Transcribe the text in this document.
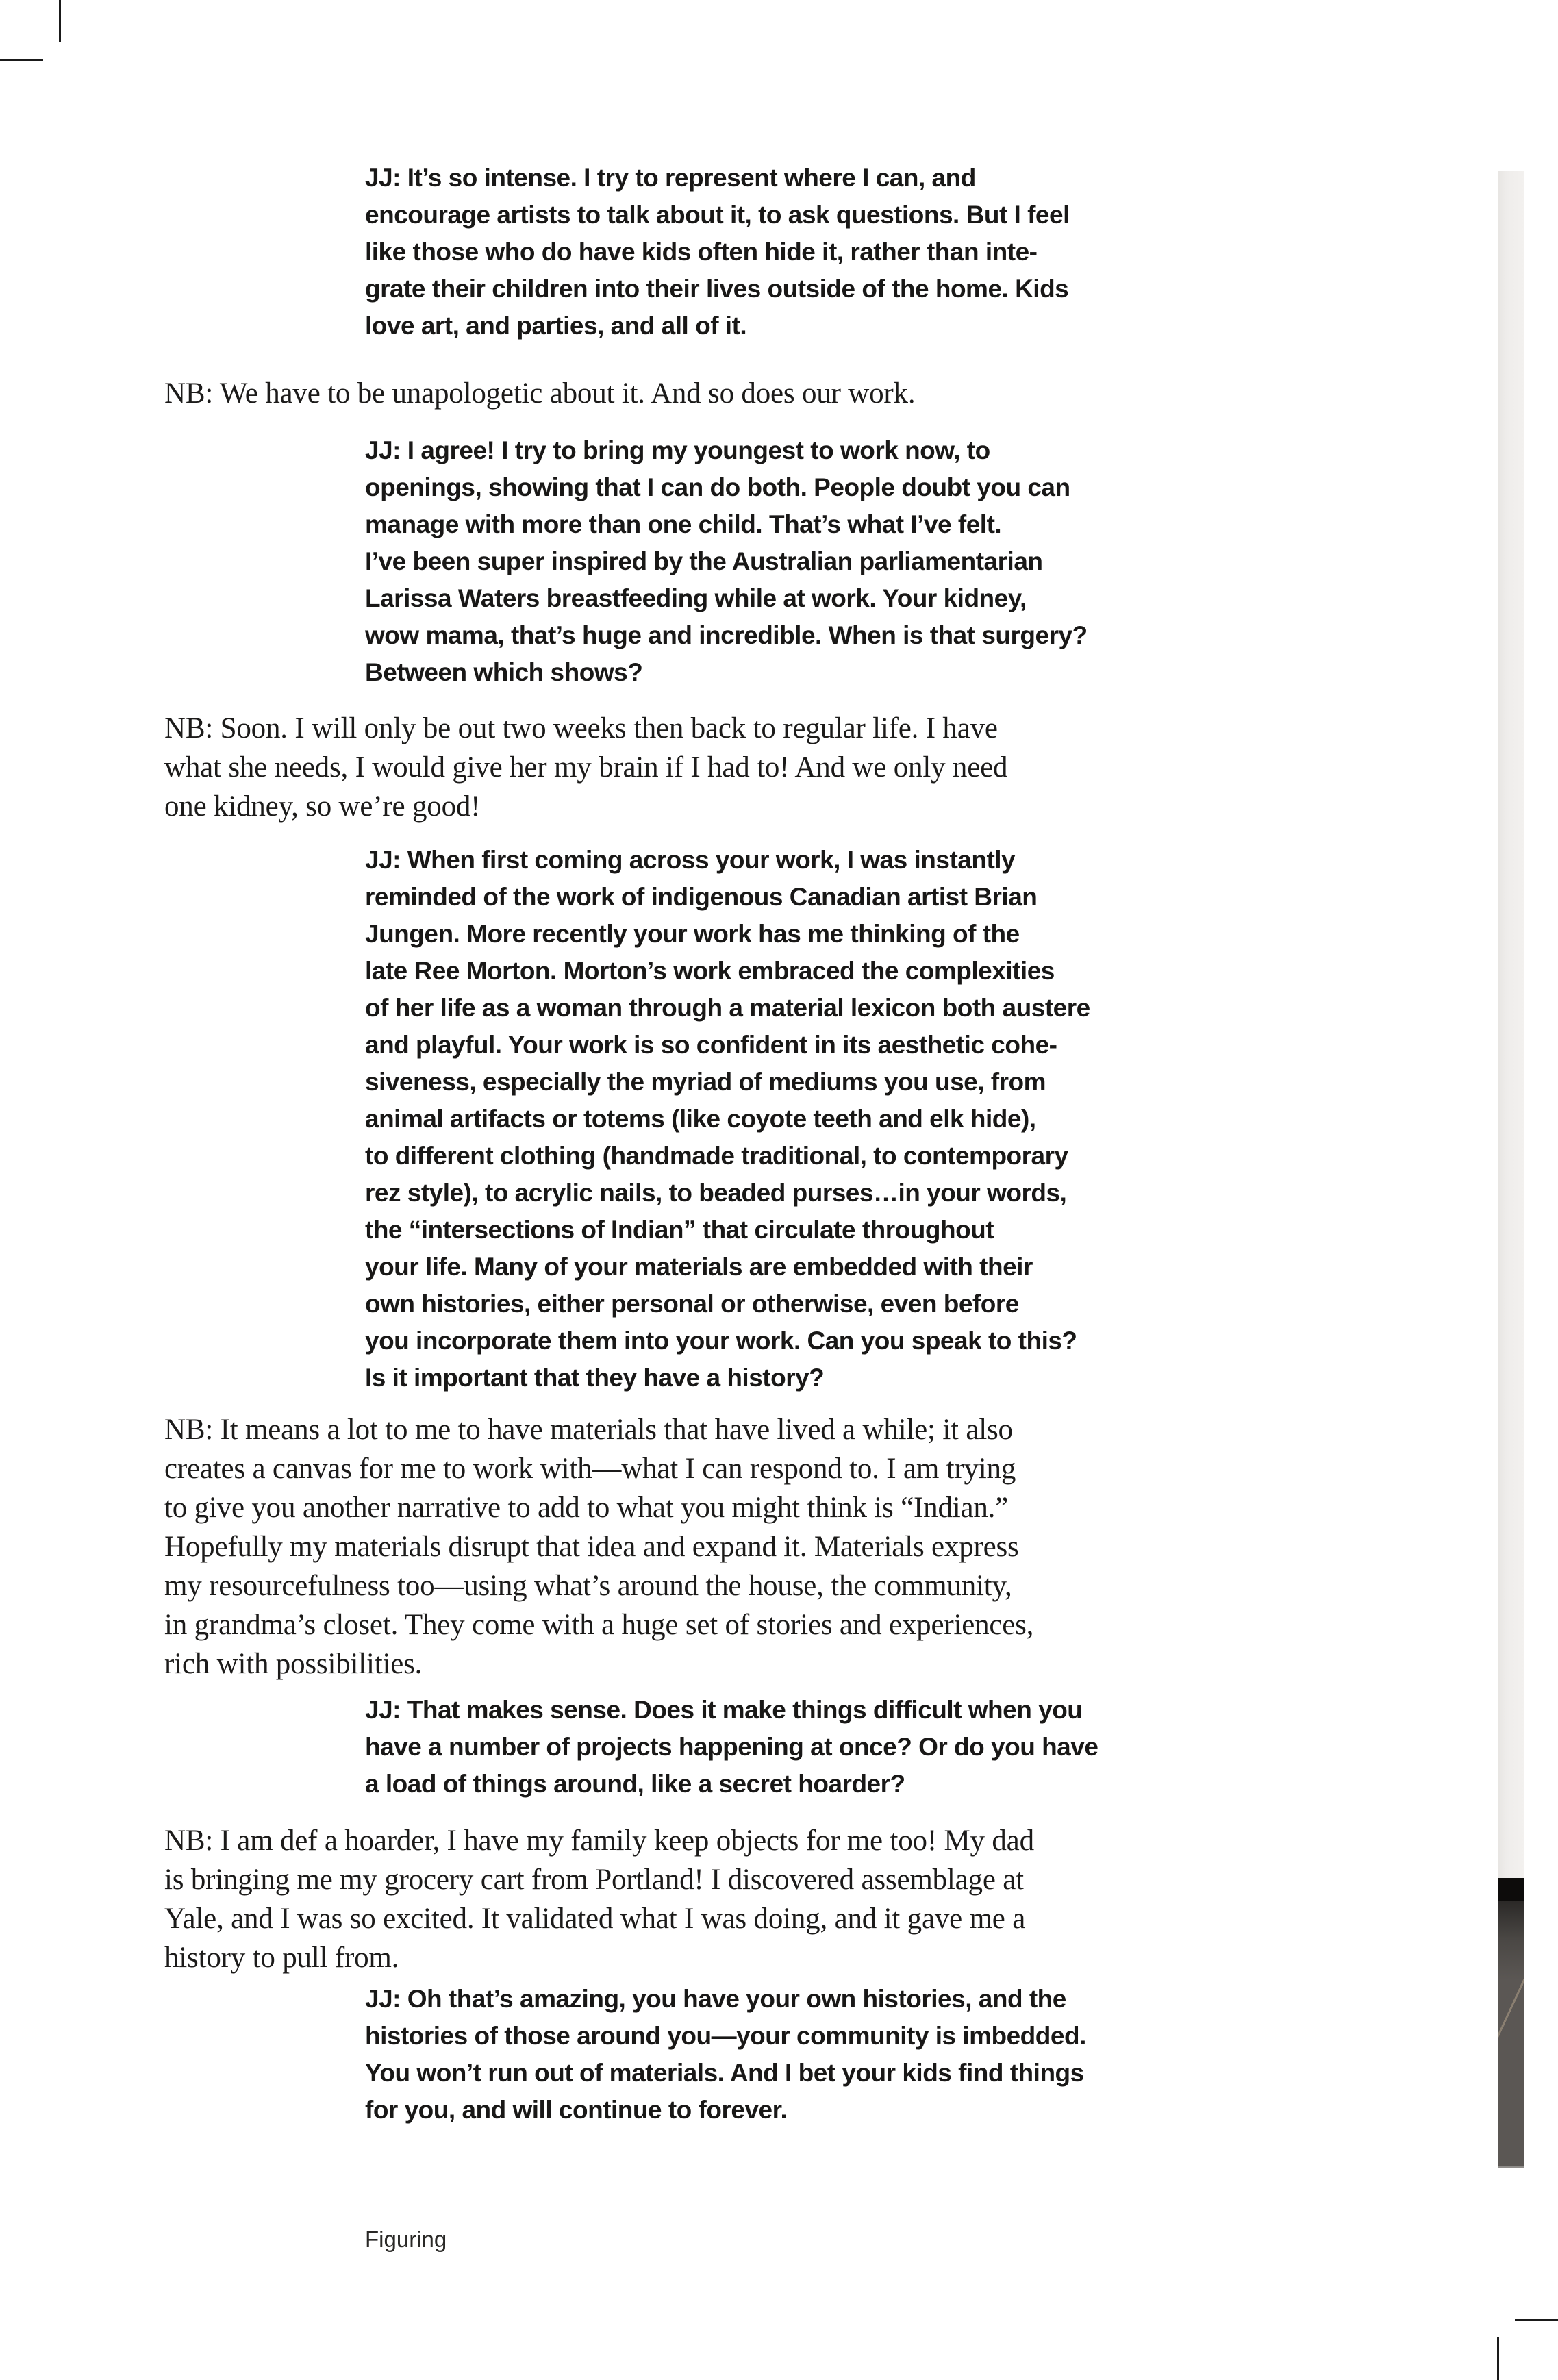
JJ: It’s so intense. I try to represent where I can, and
encourage artists to talk about it, to ask questions. But I feel
like those who do have kids often hide it, rather than inte-
grate their children into their lives outside of the home. Kids
love art, and parties, and all of it.
NB: We have to be unapologetic about it. And so does our work.
JJ: I agree! I try to bring my youngest to work now, to
openings, showing that I can do both. People doubt you can
manage with more than one child. That’s what I’ve felt.
I’ve been super inspired by the Australian parliamentarian
Larissa Waters breastfeeding while at work. Your kidney,
wow mama, that’s huge and incredible. When is that surgery?
Between which shows?
NB: Soon. I will only be out two weeks then back to regular life. I have
what she needs, I would give her my brain if I had to! And we only need
one kidney, so we’re good!
JJ: When first coming across your work, I was instantly
reminded of the work of indigenous Canadian artist Brian
Jungen. More recently your work has me thinking of the
late Ree Morton. Morton’s work embraced the complexities
of her life as a woman through a material lexicon both austere
and playful. Your work is so confident in its aesthetic cohe-
siveness, especially the myriad of mediums you use, from
animal artifacts or totems (like coyote teeth and elk hide),
to different clothing (handmade traditional, to contemporary
rez style), to acrylic nails, to beaded purses…in your words,
the “intersections of Indian” that circulate throughout
your life. Many of your materials are embedded with their
own histories, either personal or otherwise, even before
you incorporate them into your work. Can you speak to this?
Is it important that they have a history?
NB: It means a lot to me to have materials that have lived a while; it also
creates a canvas for me to work with—what I can respond to. I am trying
to give you another narrative to add to what you might think is “Indian.”
Hopefully my materials disrupt that idea and expand it. Materials express
my resourcefulness too—using what’s around the house, the community,
in grandma’s closet. They come with a huge set of stories and experiences,
rich with possibilities.
JJ: That makes sense. Does it make things difficult when you
have a number of projects happening at once? Or do you have
a load of things around, like a secret hoarder?
NB: I am def a hoarder, I have my family keep objects for me too! My dad
is bringing me my grocery cart from Portland! I discovered assemblage at
Yale, and I was so excited. It validated what I was doing, and it gave me a
history to pull from.
JJ: Oh that’s amazing, you have your own histories, and the
histories of those around you—your community is imbedded.
You won’t run out of materials. And I bet your kids find things
for you, and will continue to forever.
Figuring
